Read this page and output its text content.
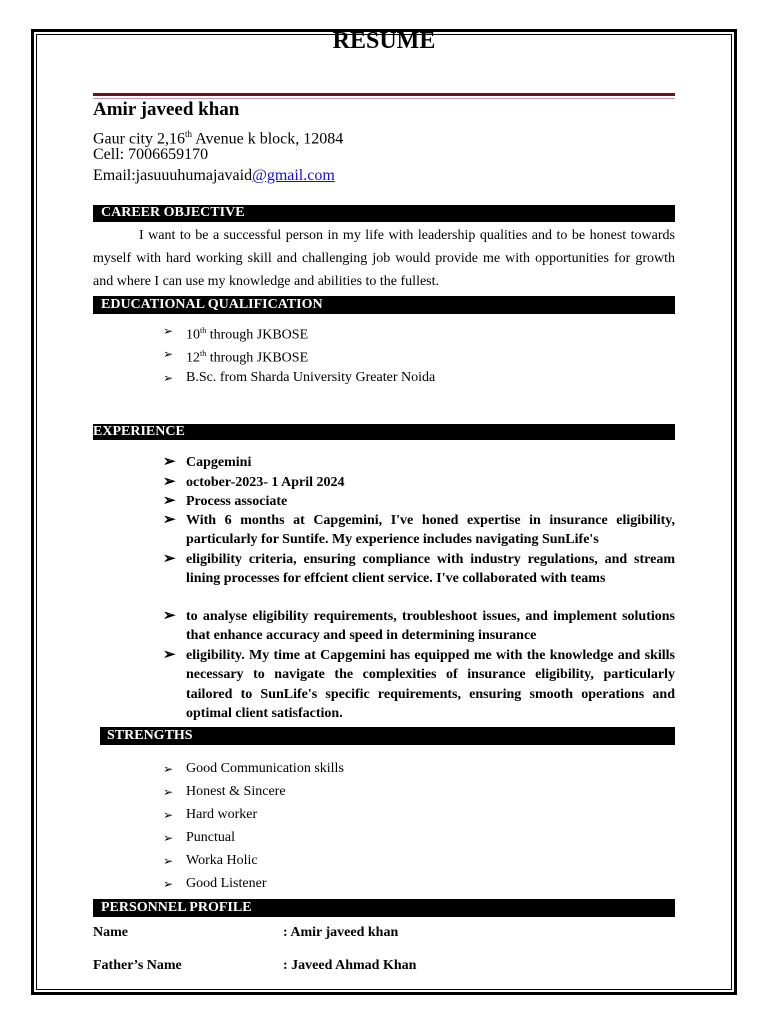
RESUME
Amir javeed khan
Gaur city 2,16th Avenue k block, 12084
Cell: 7006659170
Email:jasuuuhumajavaid@gmail.com
CAREER OBJECTIVE
I want to be a successful person in my life with leadership qualities and to be honest towards myself with hard working skill and challenging job would provide me with opportunities for growth and where I can use my knowledge and abilities to the fullest.
EDUCATIONAL QUALIFICATION
➢ 10th through JKBOSE
➢ 12th through JKBOSE
➢ B.Sc. from Sharda University Greater Noida
EXPERIENCE
➢ Capgemini
➢ october-2023- 1 April 2024
➢ Process associate
➢ With 6 months at Capgemini, I've honed expertise in insurance eligibility, particularly for Suntife. My experience includes navigating SunLife's
➢ eligibility criteria, ensuring compliance with industry regulations, and stream lining processes for effcient client service. I've collaborated with teams
➢ to analyse eligibility requirements, troubleshoot issues, and implement solutions that enhance accuracy and speed in determining insurance
➢ eligibility. My time at Capgemini has equipped me with the knowledge and skills necessary to navigate the complexities of insurance eligibility, particularly tailored to SunLife's specific requirements, ensuring smooth operations and optimal client satisfaction.
STRENGTHS
➢ Good Communication skills
➢ Honest & Sincere
➢ Hard worker
➢ Punctual
➢ Worka Holic
➢ Good Listener
PERSONNEL PROFILE
Name	: Amir javeed khan
Father’s Name	: Javeed Ahmad Khan
